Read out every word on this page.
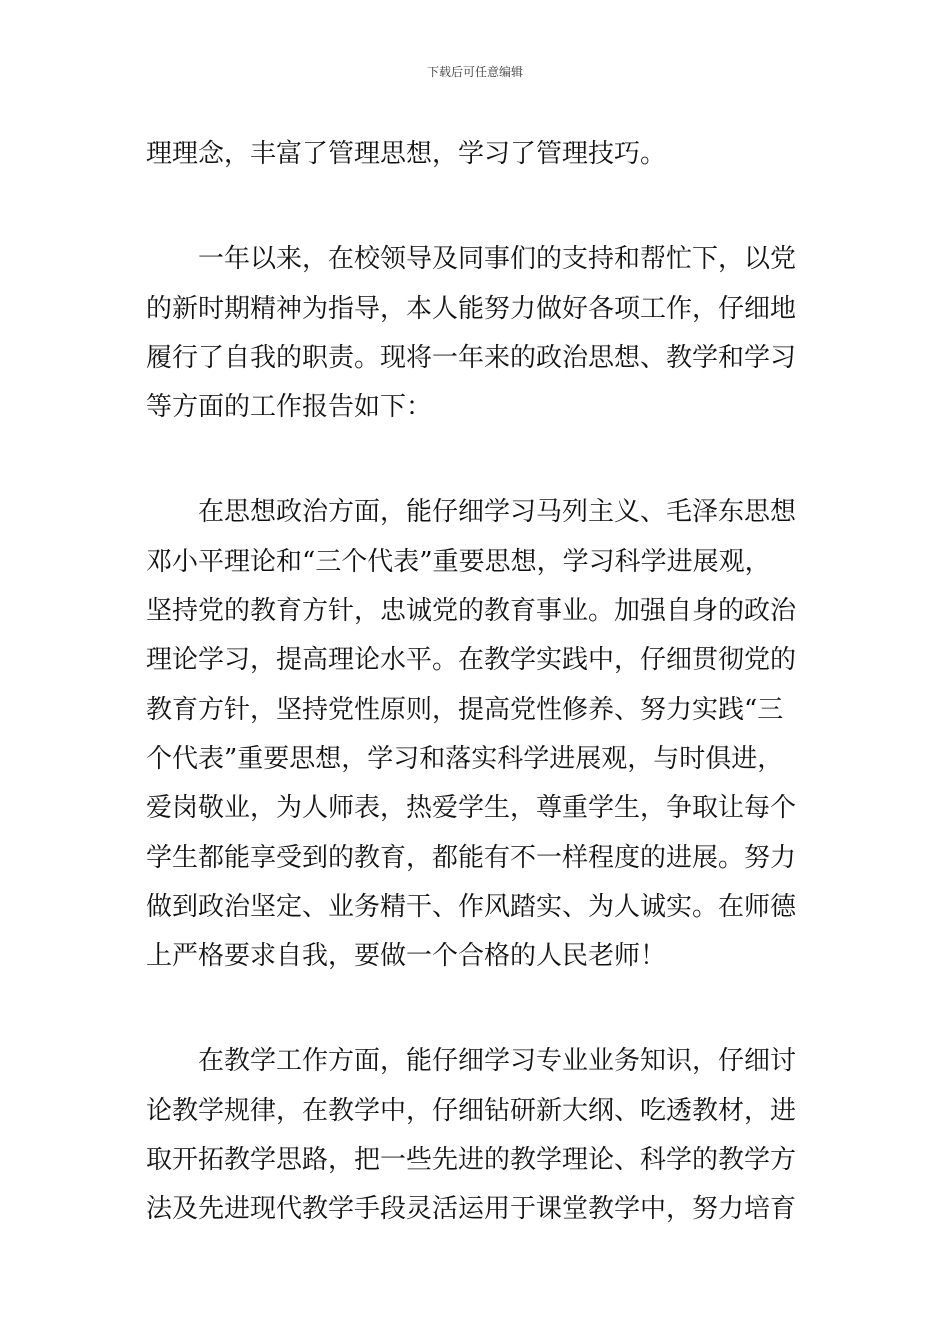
下载后可任意编辑
理理念，丰富了管理思想，学习了管理技巧。
　　一年以来，在校领导及同事们的支持和帮忙下，以党
的新时期精神为指导，本人能努力做好各项工作，仔细地
履行了自我的职责。现将一年来的政治思想、教学和学习
等方面的工作报告如下：
　　在思想政治方面，能仔细学习马列主义、毛泽东思想
邓小平理论和“三个代表”重要思想，学习科学进展观，
坚持党的教育方针，忠诚党的教育事业。加强自身的政治
理论学习，提高理论水平。在教学实践中，仔细贯彻党的
教育方针，坚持党性原则，提高党性修养、努力实践“三
个代表”重要思想，学习和落实科学进展观，与时俱进，
爱岗敬业，为人师表，热爱学生，尊重学生，争取让每个
学生都能享受到的教育，都能有不一样程度的进展。努力
做到政治坚定、业务精干、作风踏实、为人诚实。在师德
上严格要求自我，要做一个合格的人民老师！
　　在教学工作方面，能仔细学习专业业务知识，仔细讨
论教学规律，在教学中，仔细钻研新大纲、吃透教材，进
取开拓教学思路，把一些先进的教学理论、科学的教学方
法及先进现代教学手段灵活运用于课堂教学中，努力培育
